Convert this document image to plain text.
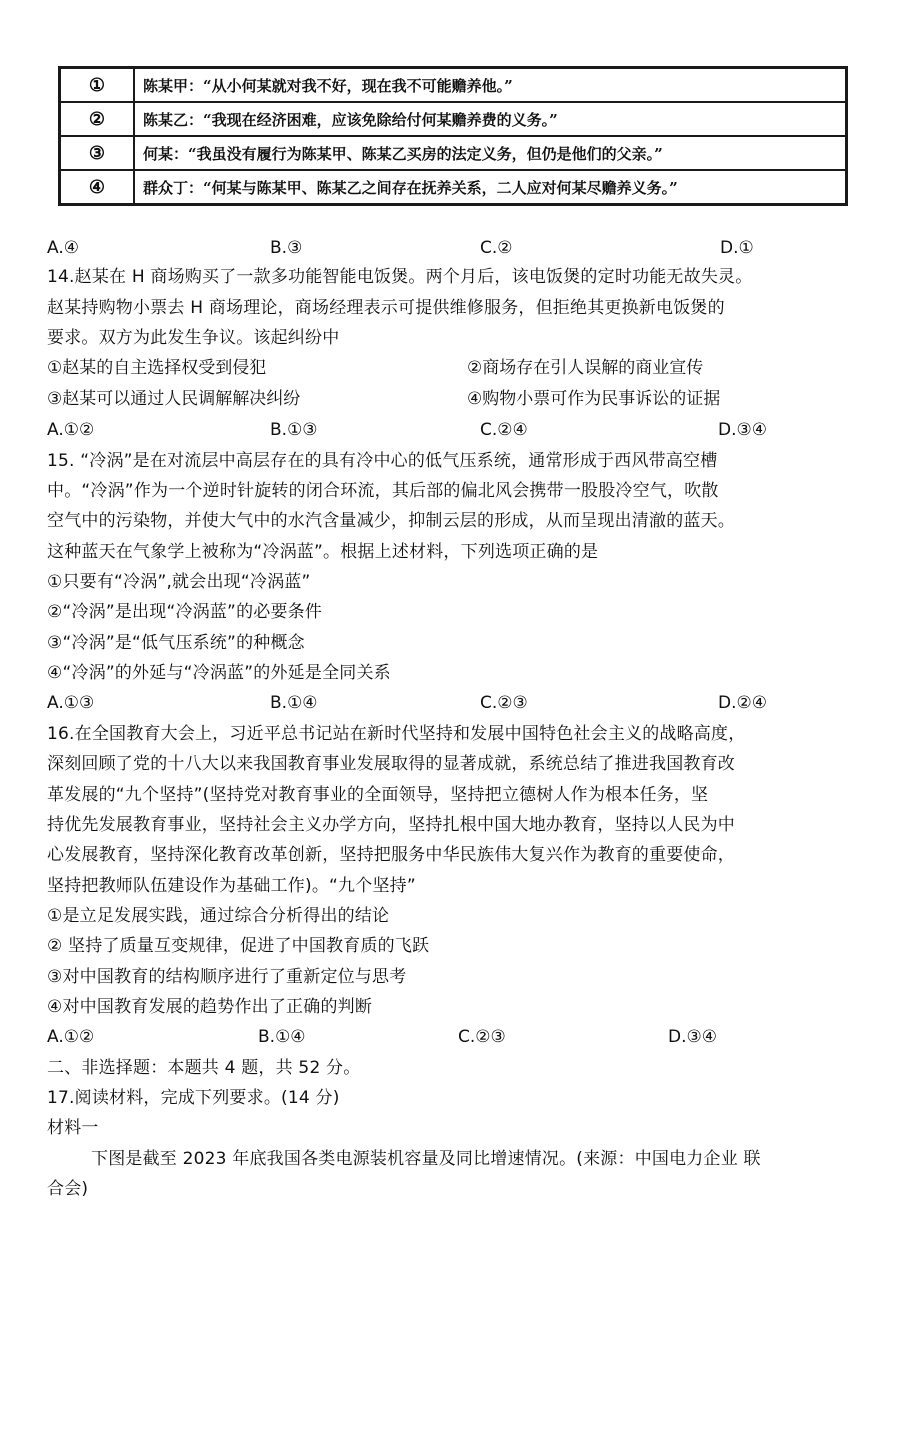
①	陈某甲：“从小何某就对我不好，现在我不可能赡养他。”
②	陈某乙：“我现在经济困难，应该免除给付何某赡养费的义务。”
③	何某：“我虽没有履行为陈某甲、陈某乙买房的法定义务，但仍是他们的父亲。”
④	群众丁：“何某与陈某甲、陈某乙之间存在抚养关系，二人应对何某尽赡养义务。”
A.④	B.③	C.②	D.①
14.赵某在 H 商场购买了一款多功能智能电饭煲。两个月后，该电饭煲的定时功能无故失灵。
赵某持购物小票去 H 商场理论，商场经理表示可提供维修服务，但拒绝其更换新电饭煲的
要求。双方为此发生争议。该起纠纷中
①赵某的自主选择权受到侵犯	②商场存在引人误解的商业宣传
③赵某可以通过人民调解解决纠纷	④购物小票可作为民事诉讼的证据
A.①②	B.①③	C.②④	D.③④
15. “冷涡”是在对流层中高层存在的具有冷中心的低气压系统，通常形成于西风带高空槽
中。“冷涡”作为一个逆时针旋转的闭合环流，其后部的偏北风会携带一股股冷空气，吹散
空气中的污染物，并使大气中的水汽含量减少，抑制云层的形成，从而呈现出清澈的蓝天。
这种蓝天在气象学上被称为“冷涡蓝”。根据上述材料，下列选项正确的是
①只要有“冷涡”,就会出现“冷涡蓝”
②“冷涡”是出现“冷涡蓝”的必要条件
③“冷涡”是“低气压系统”的种概念
④“冷涡”的外延与“冷涡蓝”的外延是全同关系
A.①③	B.①④	C.②③	D.②④
16.在全国教育大会上，习近平总书记站在新时代坚持和发展中国特色社会主义的战略高度，
深刻回顾了党的十八大以来我国教育事业发展取得的显著成就，系统总结了推进我国教育改
革发展的“九个坚持”(坚持党对教育事业的全面领导，坚持把立德树人作为根本任务，坚
持优先发展教育事业，坚持社会主义办学方向，坚持扎根中国大地办教育，坚持以人民为中
心发展教育，坚持深化教育改革创新，坚持把服务中华民族伟大复兴作为教育的重要使命，
坚持把教师队伍建设作为基础工作)。“九个坚持”
①是立足发展实践，通过综合分析得出的结论
② 坚持了质量互变规律，促进了中国教育质的飞跃
③对中国教育的结构顺序进行了重新定位与思考
④对中国教育发展的趋势作出了正确的判断
A.①②	B.①④	C.②③	D.③④
二、非选择题：本题共 4 题，共 52 分。
17.阅读材料，完成下列要求。(14 分)
材料一
下图是截至 2023 年底我国各类电源装机容量及同比增速情况。(来源：中国电力企业 联
合会)
